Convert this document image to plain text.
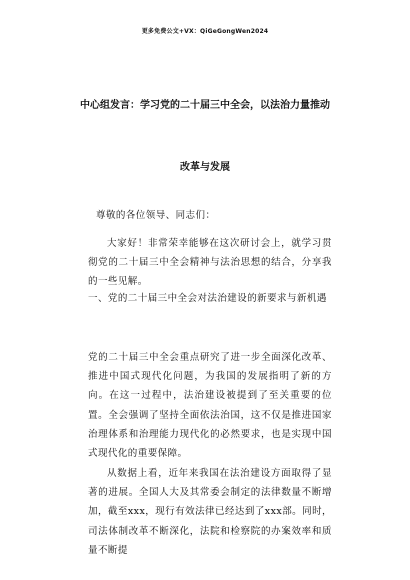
更多免费公文+VX：QiGeGongWen2024
中心组发言：学习党的二十届三中全会，以法治力量推动
改革与发展
尊敬的各位领导、同志们：
大家好！非常荣幸能够在这次研讨会上，就学习贯彻党的二十届三中全会精神与法治思想的结合，分享我的一些见解。
一、党的二十届三中全会对法治建设的新要求与新机遇
党的二十届三中全会重点研究了进一步全面深化改革、推进中国式现代化问题，为我国的发展指明了新的方向。在这一过程中，法治建设被提到了至关重要的位置。全会强调了坚持全面依法治国，这不仅是推进国家治理体系和治理能力现代化的必然要求，也是实现中国式现代化的重要保障。
从数据上看，近年来我国在法治建设方面取得了显著的进展。全国人大及其常委会制定的法律数量不断增加，截至xxx，现行有效法律已经达到了xxx部。同时，司法体制改革不断深化，法院和检察院的办案效率和质量不断提
